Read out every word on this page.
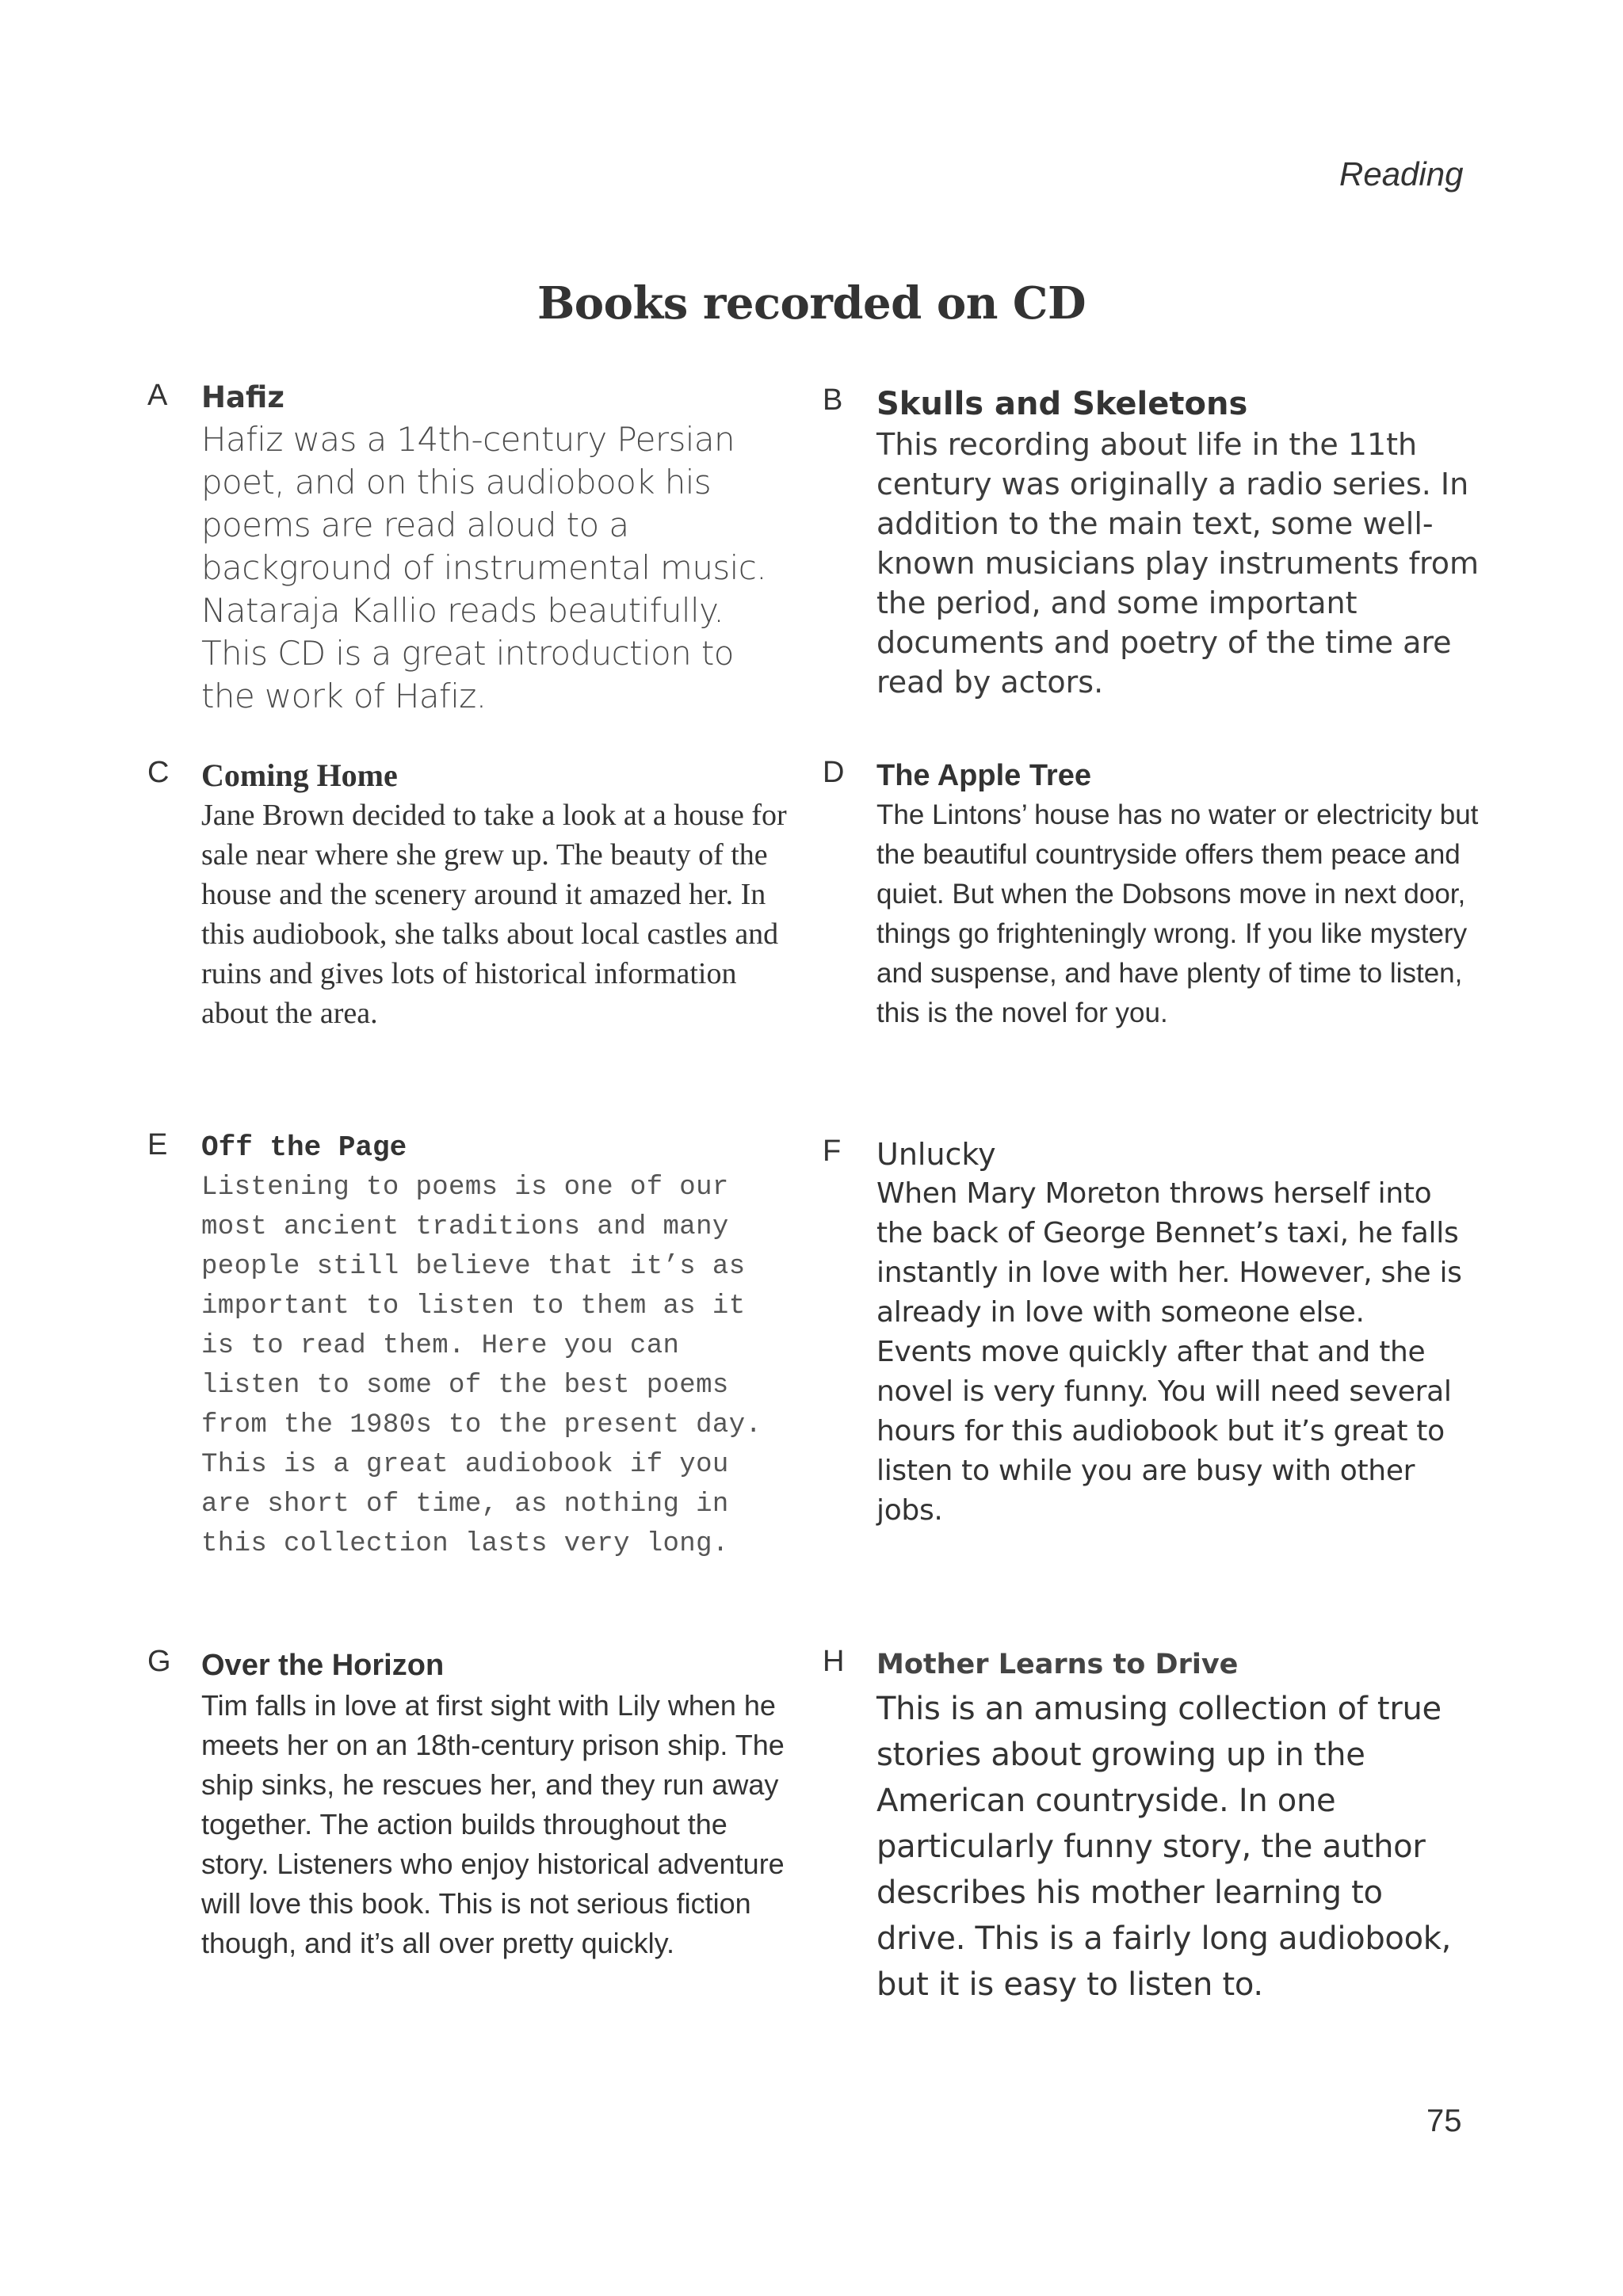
Reading
Books recorded on CD
A Hafiz
Hafiz was a 14th-century Persian poet, and on this audiobook his poems are read aloud to a background of instrumental music. Nataraja Kallio reads beautifully. This CD is a great introduction to the work of Hafiz.
B Skulls and Skeletons
This recording about life in the 11th century was originally a radio series. In addition to the main text, some well-known musicians play instruments from the period, and some important documents and poetry of the time are read by actors.
C Coming Home
Jane Brown decided to take a look at a house for sale near where she grew up. The beauty of the house and the scenery around it amazed her. In this audiobook, she talks about local castles and ruins and gives lots of historical information about the area.
D The Apple Tree
The Lintons’ house has no water or electricity but the beautiful countryside offers them peace and quiet. But when the Dobsons move in next door, things go frighteningly wrong. If you like mystery and suspense, and have plenty of time to listen, this is the novel for you.
E Off the Page
Listening to poems is one of our most ancient traditions and many people still believe that it’s as important to listen to them as it is to read them. Here you can listen to some of the best poems from the 1980s to the present day. This is a great audiobook if you are short of time, as nothing in this collection lasts very long.
F Unlucky
When Mary Moreton throws herself into the back of George Bennet’s taxi, he falls instantly in love with her. However, she is already in love with someone else. Events move quickly after that and the novel is very funny. You will need several hours for this audiobook but it’s great to listen to while you are busy with other jobs.
G Over the Horizon
Tim falls in love at first sight with Lily when he meets her on an 18th-century prison ship. The ship sinks, he rescues her, and they run away together. The action builds throughout the story. Listeners who enjoy historical adventure will love this book. This is not serious fiction though, and it’s all over pretty quickly.
H Mother Learns to Drive
This is an amusing collection of true stories about growing up in the American countryside. In one particularly funny story, the author describes his mother learning to drive. This is a fairly long audiobook, but it is easy to listen to.
75
